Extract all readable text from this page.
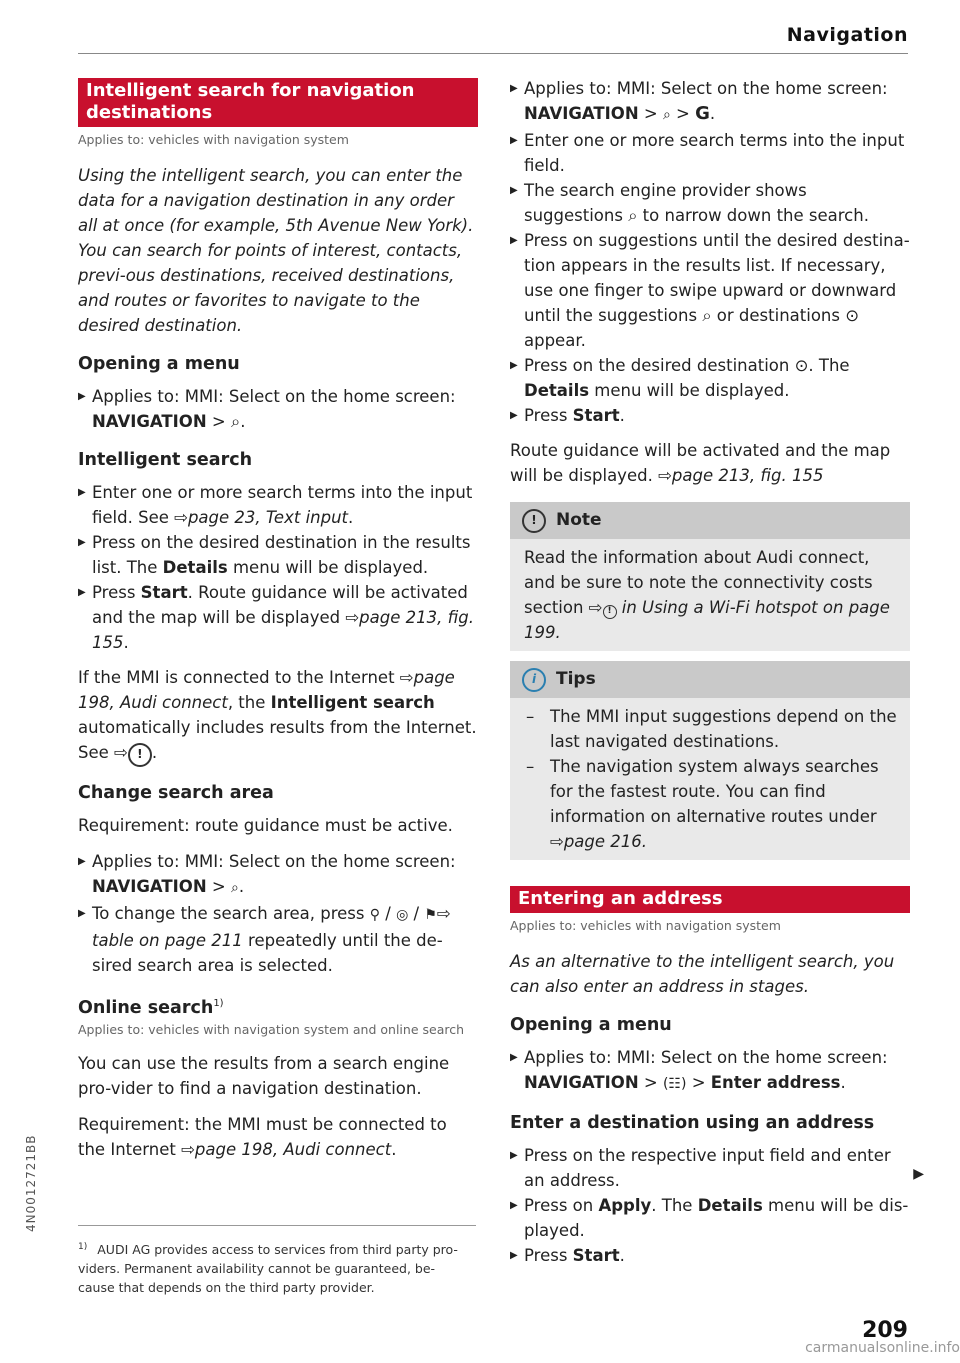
Navigation
Intelligent search for navigation destinations
Applies to: vehicles with navigation system

Using the intelligent search, you can enter the data for a navigation destination in any order all at once (for example, 5th Avenue New York). You can search for points of interest, contacts, previ-ous destinations, received destinations, and routes or favorites to navigate to the desired destination.

Opening a menu
▶ Applies to: MMI: Select on the home screen:
NAVIGATION > ⌕.
Intelligent search
▶ Enter one or more search terms into the input field. See ⇨page 23, Text input.
▶ Press on the desired destination in the results list. The Details menu will be displayed.
▶ Press Start. Route guidance will be activated and the map will be displayed ⇨page 213, fig. 155.

If the MMI is connected to the Internet ⇨page 198, Audi connect, the Intelligent search automatically includes results from the Internet. See ⇨ ! .

Change search area

Requirement: route guidance must be active.

▶ Applies to: MMI: Select on the home screen:
NAVIGATION > ⌕.
▶ To change the search area, press ⚲ / ◎ / ⚑⇨ table on page 211 repeatedly until the de-sired search area is selected.
Online search$^{1)}$
Applies to: vehicles with navigation system and online search

You can use the results from a search engine pro-vider to find a navigation destination.

Requirement: the MMI must be connected to the Internet ⇨page 198, Audi connect.

$^{1)}$ AUDI AG provides access to services from third party pro-viders. Permanent availability cannot be guaranteed, be-cause that depends on the third party provider.
▶ Applies to: MMI: Select on the home screen:
NAVIGATION > ⌕ > G.
▶ Enter one or more search terms into the input field.
▶ The search engine provider shows suggestions ⌕ to narrow down the search.
▶ Press on suggestions until the desired destina-tion appears in the results list. If necessary, use one finger to swipe upward or downward until the suggestions ⌕ or destinations ⊙ appear.
▶ Press on the desired destination ⊙. The Details menu will be displayed.
▶ Press Start.

Route guidance will be activated and the map will be displayed. ⇨page 213, fig. 155

!	Note
Read the information about Audi connect, and be sure to note the connectivity costs section ⇨ ! in Using a Wi-Fi hotspot on page 199.
i	Tips
– The MMI input suggestions depend on the last navigated destinations.
– The navigation system always searches for the fastest route. You can find information on alternative routes under ⇨page 216.
Entering an address
Applies to: vehicles with navigation system

As an alternative to the intelligent search, you can also enter an address in stages.

Opening a menu
▶ Applies to: MMI: Select on the home screen:
NAVIGATION > (☷) > Enter address.
Enter a destination using an address
▶ Press on the respective input field and enter an address.
▶ Press on Apply. The Details menu will be dis-played.
▶ Press Start.
▶
4N0012721BB
209
carmanualsonline.info
